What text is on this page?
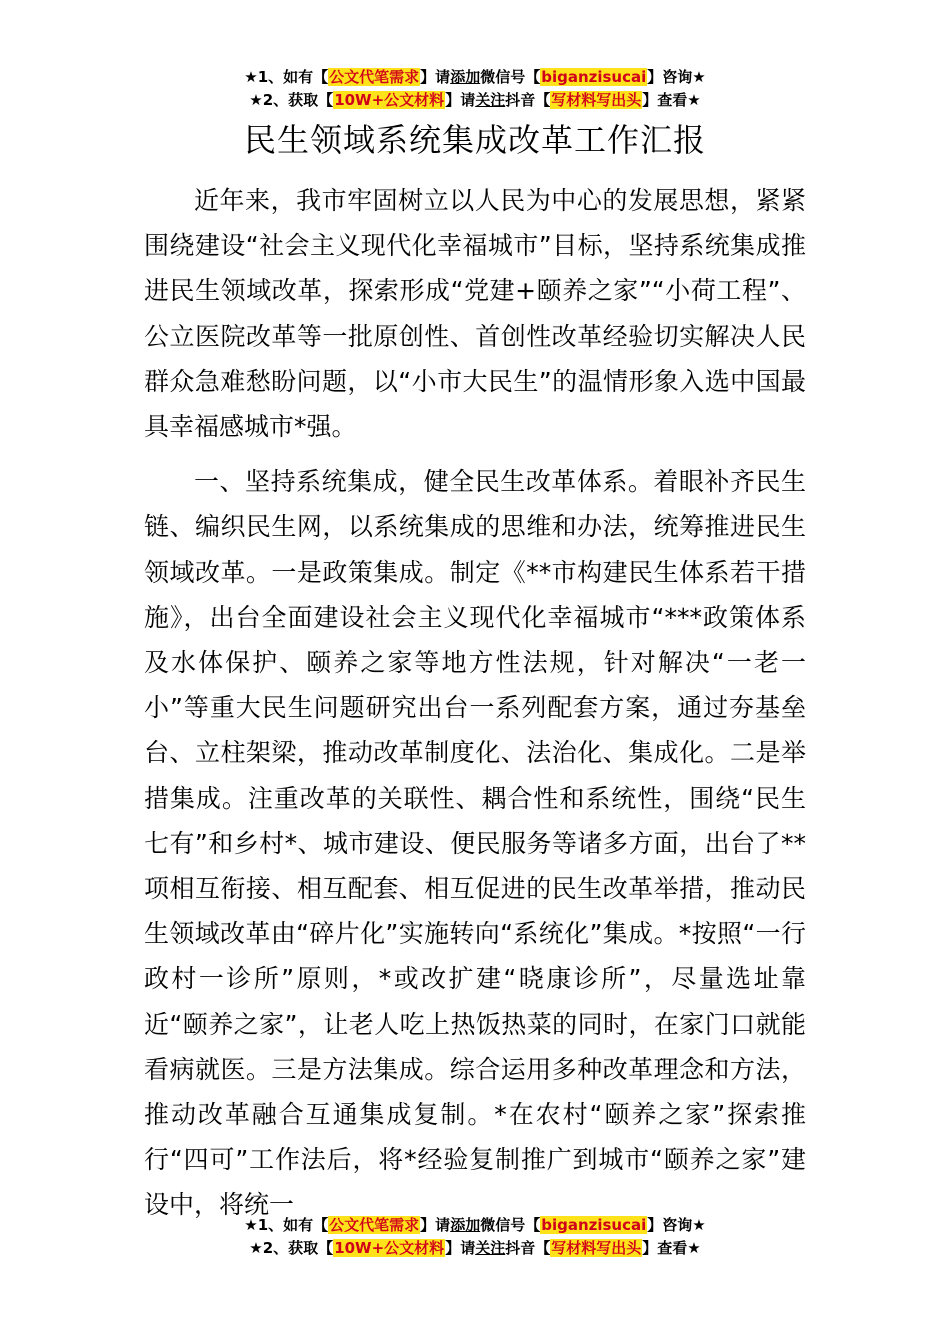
★1、如有【公文代笔需求】请添加微信号【biganzisucai】咨询★
★2、获取【10W+公文材料】请关注抖音【写材料写出头】查看★
民生领域系统集成改革工作汇报

近年来，我市牢固树立以人民为中心的发展思想，紧紧围绕建设“社会主义现代化幸福城市”目标，坚持系统集成推进民生领域改革，探索形成“党建+颐养之家”“小荷工程”、公立医院改革等一批原创性、首创性改革经验切实解决人民群众急难愁盼问题，以“小市大民生”的温情形象入选中国最具幸福感城市*强。

一、坚持系统集成，健全民生改革体系。着眼补齐民生链、编织民生网，以系统集成的思维和办法，统筹推进民生领域改革。一是政策集成。制定《**市构建民生体系若干措施》，出台全面建设社会主义现代化幸福城市“***政策体系及水体保护、颐养之家等地方性法规，针对解决“一老一小”等重大民生问题研究出台一系列配套方案，通过夯基垒台、立柱架梁，推动改革制度化、法治化、集成化。二是举措集成。注重改革的关联性、耦合性和系统性，围绕“民生七有”和乡村*、城市建设、便民服务等诸多方面，出台了**项相互衔接、相互配套、相互促进的民生改革举措，推动民生领域改革由“碎片化”实施转向“系统化”集成。*按照“一行政村一诊所”原则，*或改扩建“晓康诊所”，尽量选址靠近“颐养之家”，让老人吃上热饭热菜的同时，在家门口就能看病就医。三是方法集成。综合运用多种改革理念和方法，推动改革融合互通集成复制。*在农村“颐养之家”探索推行“四可”工作法后，将*经验复制推广到城市“颐养之家”建设中，将统一

★1、如有【公文代笔需求】请添加微信号【biganzisucai】咨询★
★2、获取【10W+公文材料】请关注抖音【写材料写出头】查看★
